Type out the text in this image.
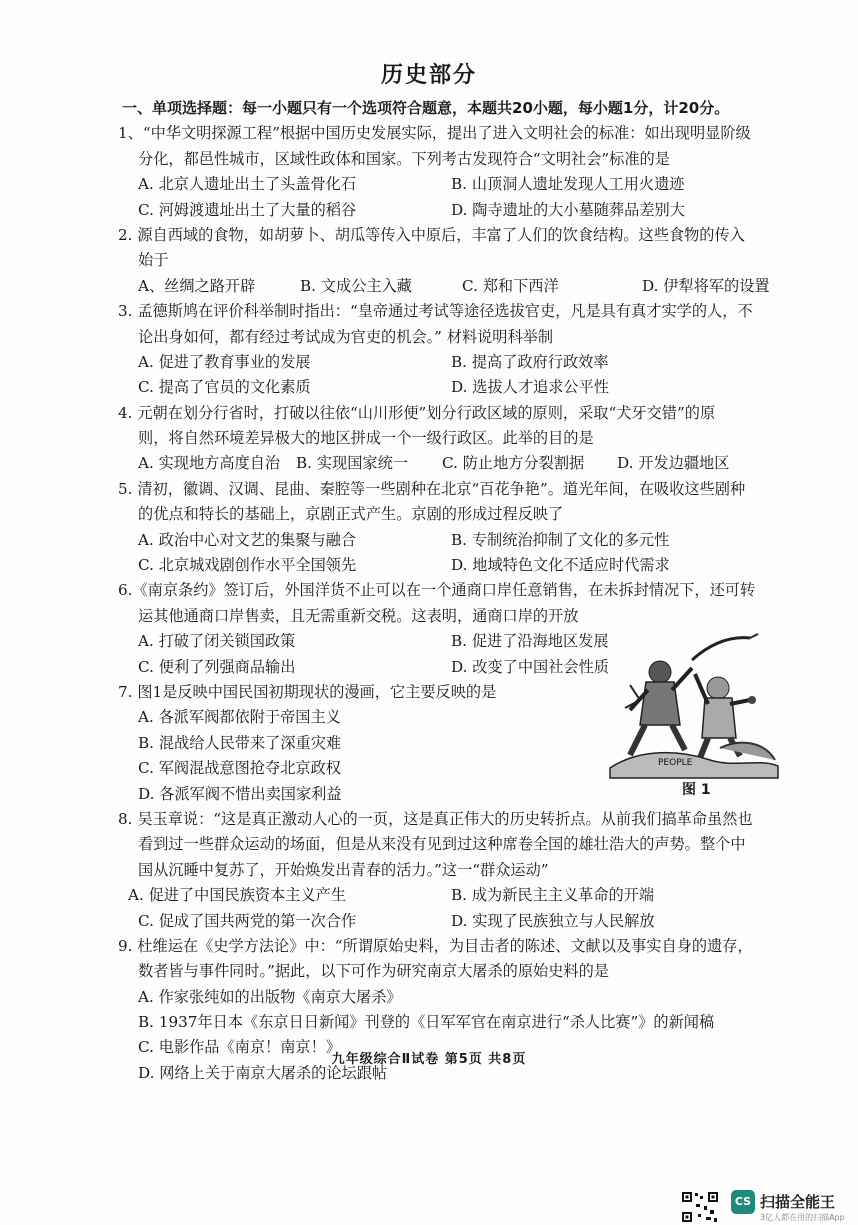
历史部分
一、单项选择题：每一小题只有一个选项符合题意，本题共20小题，每小题1分，计20分。
1、“中华文明探源工程”根据中国历史发展实际，提出了进入文明社会的标准：如出现明显阶级
分化，都邑性城市，区域性政体和国家。下列考古发现符合“文明社会”标准的是
A. 北京人遗址出土了头盖骨化石	B. 山顶洞人遗址发现人工用火遗迹
C. 河姆渡遗址出土了大量的稻谷	D. 陶寺遗址的大小墓随葬品差别大
2. 源自西域的食物，如胡萝卜、胡瓜等传入中原后，丰富了人们的饮食结构。这些食物的传入
始于
A、丝绸之路开辟	B. 文成公主入藏	C. 郑和下西洋	D. 伊犁将军的设置
3. 孟德斯鸠在评价科举制时指出：“皇帝通过考试等途径选拔官吏，凡是具有真才实学的人，不
论出身如何，都有经过考试成为官吏的机会。” 材料说明科举制
A. 促进了教育事业的发展	B. 提高了政府行政效率
C. 提高了官员的文化素质	D. 选拔人才追求公平性
4. 元朝在划分行省时，打破以往依“山川形便”划分行政区域的原则，采取“犬牙交错”的原
则，将自然环境差异极大的地区拼成一个一级行政区。此举的目的是
A. 实现地方高度自治	B. 实现国家统一	C. 防止地方分裂割据	D. 开发边疆地区
5. 清初，徽调、汉调、昆曲、秦腔等一些剧种在北京“百花争艳”。道光年间，在吸收这些剧种
的优点和特长的基础上，京剧正式产生。京剧的形成过程反映了
A. 政治中心对文艺的集聚与融合	B. 专制统治抑制了文化的多元性
C. 北京城戏剧创作水平全国领先	D. 地域特色文化不适应时代需求
6.《南京条约》签订后，外国洋货不止可以在一个通商口岸任意销售，在未拆封情况下，还可转
运其他通商口岸售卖，且无需重新交税。这表明，通商口岸的开放
A. 打破了闭关锁国政策	B. 促进了沿海地区发展
C. 便利了列强商品输出	D. 改变了中国社会性质
7. 图1是反映中国民国初期现状的漫画，它主要反映的是
A. 各派军阀都依附于帝国主义
B. 混战给人民带来了深重灾难
C. 军阀混战意图抢夺北京政权
D. 各派军阀不惜出卖国家利益
8. 吴玉章说：“这是真正激动人心的一页，这是真正伟大的历史转折点。从前我们搞革命虽然也
看到过一些群众运动的场面，但是从来没有见到过这种席卷全国的雄壮浩大的声势。整个中
国从沉睡中复苏了，开始焕发出青春的活力。”这一“群众运动”
A. 促进了中国民族资本主义产生	B. 成为新民主主义革命的开端
C. 促成了国共两党的第一次合作	D. 实现了民族独立与人民解放
9. 杜维运在《史学方法论》中：“所谓原始史料，为目击者的陈述、文献以及事实自身的遗存，
数者皆与事件同时。”据此，以下可作为研究南京大屠杀的原始史料的是
A. 作家张纯如的出版物《南京大屠杀》
B. 1937年日本《东京日日新闻》刊登的《日军军官在南京进行“杀人比赛”》的新闻稿
C. 电影作品《南京！南京！》
D. 网络上关于南京大屠杀的论坛跟帖
PEOPLE
图 1
九年级综合Ⅱ试卷 第5页 共8页
CS 扫描全能王
3亿人都在用的扫描App
